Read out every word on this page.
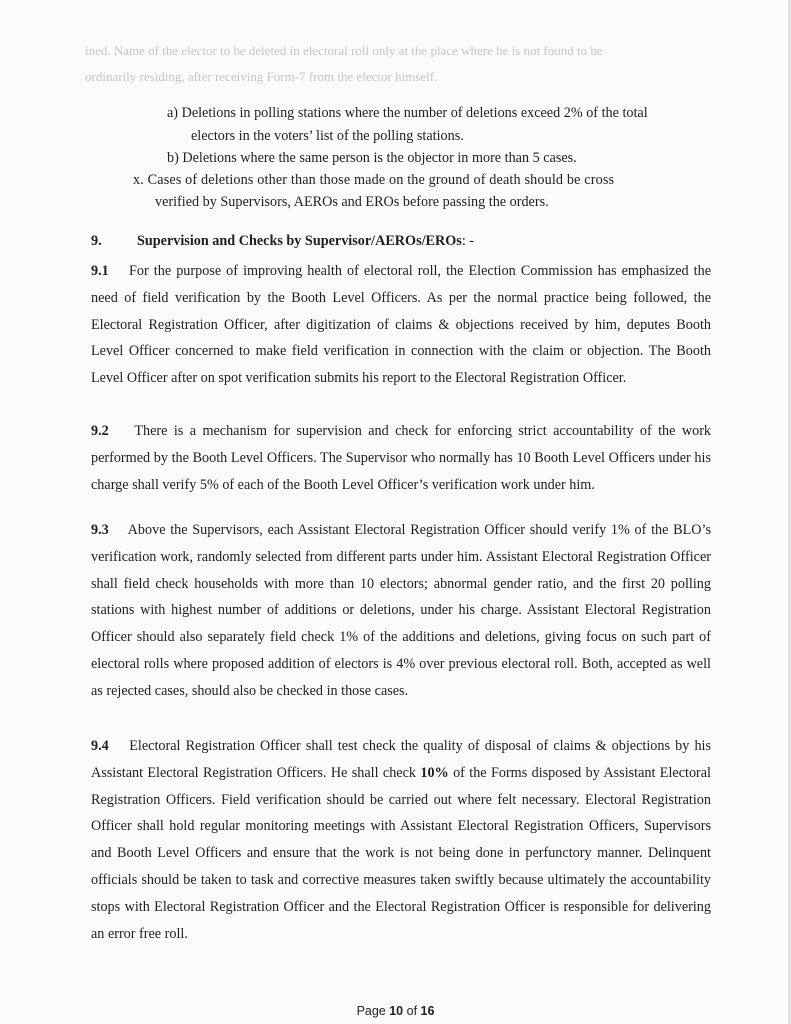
ined. Name of the elector to be deleted in electoral roll only at the place where he is not found to be
ordinarily residing, after receiving Form-7 from the elector himself.
a) Deletions in polling stations where the number of deletions exceed 2% of the total
electors in the voters’ list of the polling stations.
b) Deletions where the same person is the objector in more than 5 cases.
x. Cases of deletions other than those made on the ground of death should be cross
verified by Supervisors, AEROs and EROs before passing the orders.
9. Supervision and Checks by Supervisor/AEROs/EROs: -
9.1 For the purpose of improving health of electoral roll, the Election Commission has emphasized the need of field verification by the Booth Level Officers. As per the normal practice being followed, the Electoral Registration Officer, after digitization of claims & objections received by him, deputes Booth Level Officer concerned to make field verification in connection with the claim or objection. The Booth Level Officer after on spot verification submits his report to the Electoral Registration Officer.
9.2 There is a mechanism for supervision and check for enforcing strict accountability of the work performed by the Booth Level Officers. The Supervisor who normally has 10 Booth Level Officers under his charge shall verify 5% of each of the Booth Level Officer’s verification work under him.
9.3 Above the Supervisors, each Assistant Electoral Registration Officer should verify 1% of the BLO’s verification work, randomly selected from different parts under him. Assistant Electoral Registration Officer shall field check households with more than 10 electors; abnormal gender ratio, and the first 20 polling stations with highest number of additions or deletions, under his charge. Assistant Electoral Registration Officer should also separately field check 1% of the additions and deletions, giving focus on such part of electoral rolls where proposed addition of electors is 4% over previous electoral roll. Both, accepted as well as rejected cases, should also be checked in those cases.
9.4 Electoral Registration Officer shall test check the quality of disposal of claims & objections by his Assistant Electoral Registration Officers. He shall check 10% of the Forms disposed by Assistant Electoral Registration Officers. Field verification should be carried out where felt necessary. Electoral Registration Officer shall hold regular monitoring meetings with Assistant Electoral Registration Officers, Supervisors and Booth Level Officers and ensure that the work is not being done in perfunctory manner. Delinquent officials should be taken to task and corrective measures taken swiftly because ultimately the accountability stops with Electoral Registration Officer and the Electoral Registration Officer is responsible for delivering an error free roll.
Page 10 of 16
